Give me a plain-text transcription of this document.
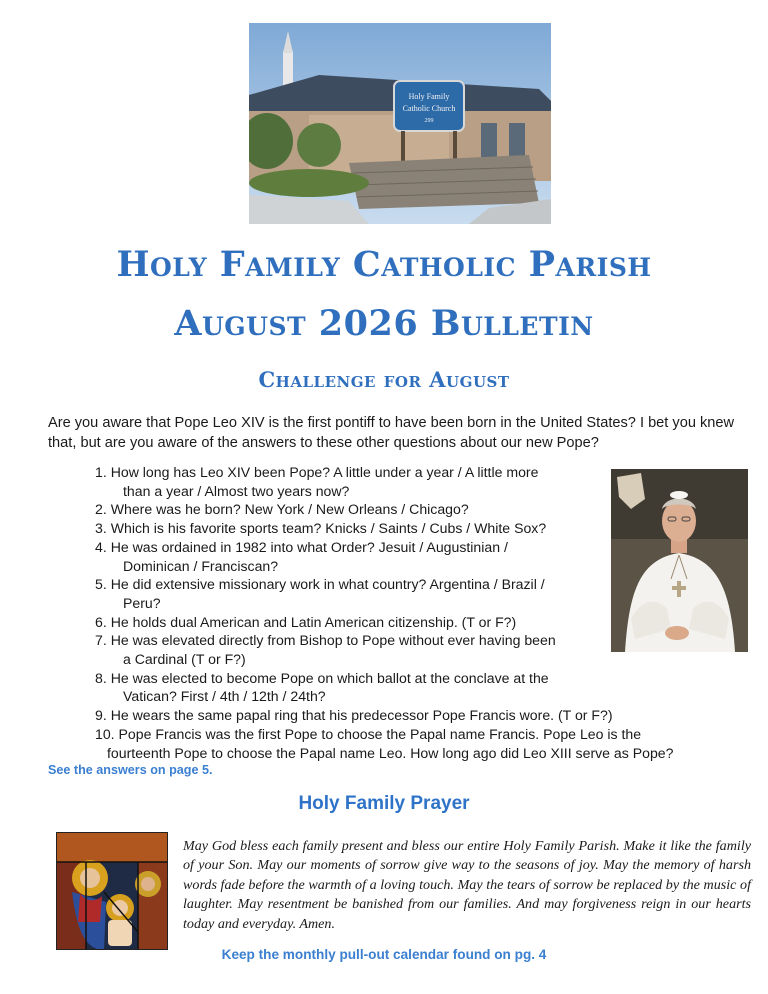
Holy Family
Catholic Church
299
Holy Family Catholic Parish
August 2026 Bulletin
Challenge for August
Are you aware that Pope Leo XIV is the first pontiff to have been born in the United States? I bet you knew that, but are you aware of the answers to these other questions about our new Pope?
1. How long has Leo XIV been Pope? A little under a year / A little more
than a year / Almost two years now?
2. Where was he born? New York / New Orleans / Chicago?
3. Which is his favorite sports team? Knicks / Saints / Cubs / White Sox?
4. He was ordained in 1982 into what Order? Jesuit / Augustinian /
Dominican / Franciscan?
5. He did extensive missionary work in what country? Argentina / Brazil /
Peru?
6. He holds dual American and Latin American citizenship. (T or F?)
7. He was elevated directly from Bishop to Pope without ever having been
a Cardinal (T or F?)
8. He was elected to become Pope on which ballot at the conclave at the
Vatican? First / 4th / 12th / 24th?
9. He wears the same papal ring that his predecessor Pope Francis wore. (T or F?)
10. Pope Francis was the first Pope to choose the Papal name Francis. Pope Leo is the
fourteenth Pope to choose the Papal name Leo. How long ago did Leo XIII serve as Pope?
See the answers on page 5.
Holy Family Prayer
May God bless each family present and bless our entire Holy Family Parish. Make it like the family of your Son. May our moments of sorrow give way to the seasons of joy. May the memory of harsh words fade before the warmth of a loving touch. May the tears of sorrow be replaced by the music of laughter. May resentment be banished from our families. And may forgiveness reign in our hearts today and everyday. Amen.
Keep the monthly pull-out calendar found on pg. 4
